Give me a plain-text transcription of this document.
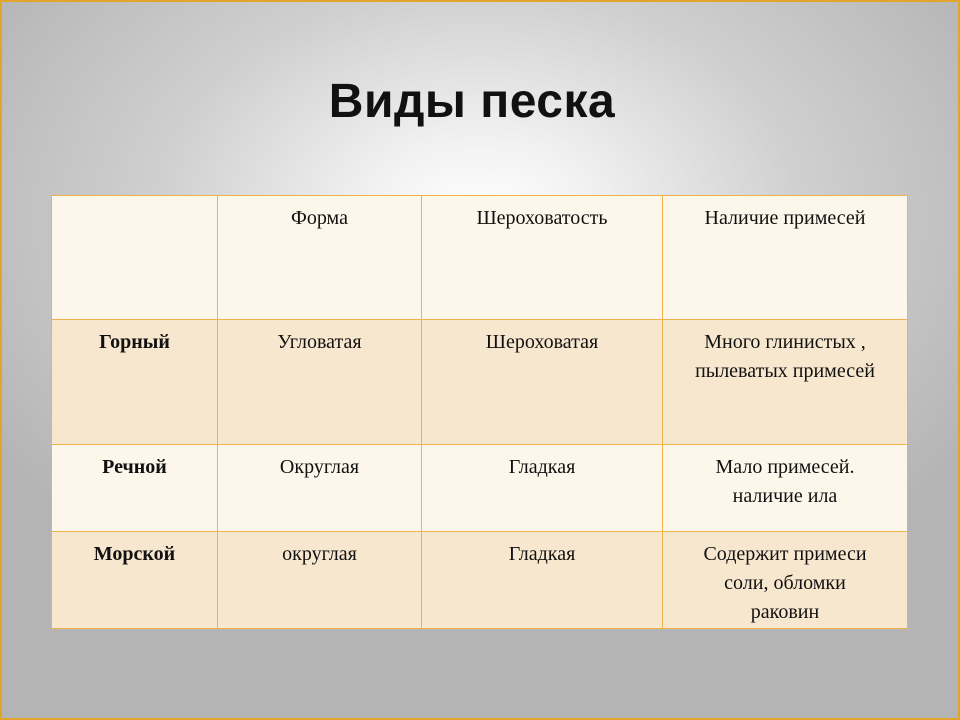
Виды песка
	Форма	Шероховатость	Наличие примесей
Горный	Угловатая	Шероховатая	Много глинистых ,
пылеватых примесей

Речной	Округлая	Гладкая	Мало примесей.
наличие ила

Морской	округлая	Гладкая	Содержит примеси
соли, обломки
раковин
